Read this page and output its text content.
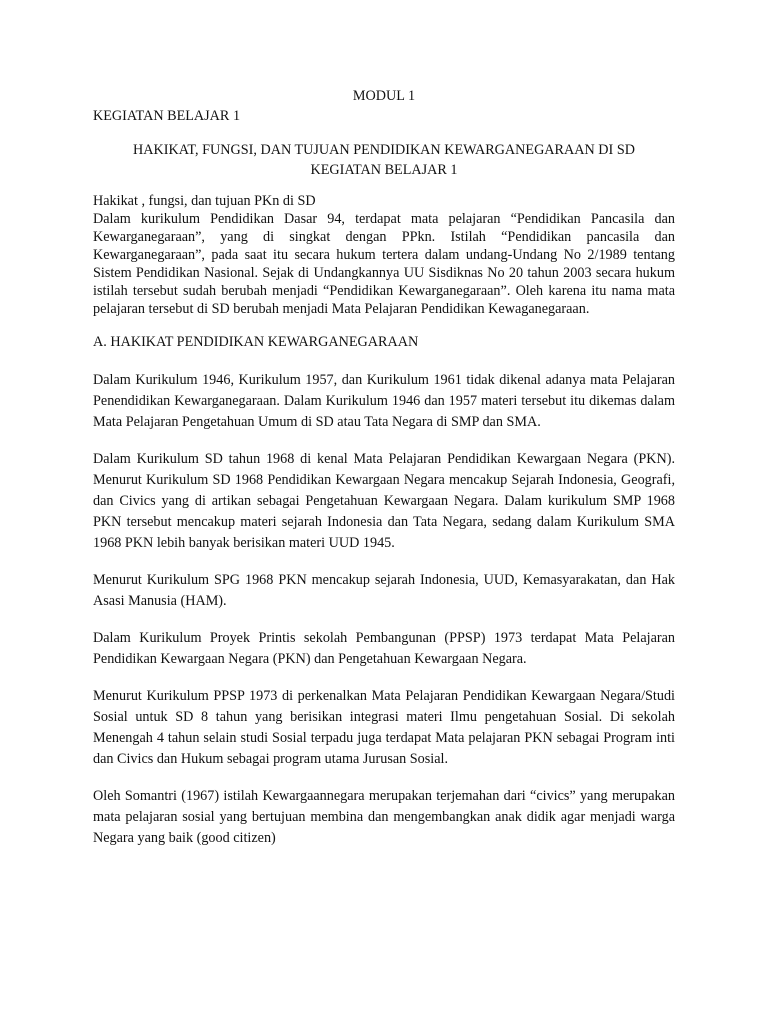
MODUL 1
KEGIATAN BELAJAR 1
HAKIKAT, FUNGSI, DAN TUJUAN PENDIDIKAN KEWARGANEGARAAN DI SD
KEGIATAN BELAJAR 1

Hakikat , fungsi, dan tujuan PKn di SD

Dalam kurikulum Pendidikan Dasar 94, terdapat mata pelajaran “Pendidikan Pancasila dan Kewarganegaraan”, yang di singkat dengan PPkn. Istilah “Pendidikan pancasila dan Kewarganegaraan”, pada saat itu secara hukum tertera dalam undang-Undang No 2/1989 tentang Sistem Pendidikan Nasional. Sejak di Undangkannya UU Sisdiknas No 20 tahun 2003 secara hukum istilah tersebut sudah berubah menjadi “Pendidikan Kewarganegaraan”. Oleh karena itu nama mata pelajaran tersebut di SD berubah menjadi Mata Pelajaran Pendidikan Kewaganegaraan.

A. HAKIKAT PENDIDIKAN KEWARGANEGARAAN

Dalam Kurikulum 1946, Kurikulum 1957, dan Kurikulum 1961 tidak dikenal adanya mata Pelajaran Penendidikan Kewarganegaraan. Dalam Kurikulum 1946 dan 1957 materi tersebut itu dikemas dalam Mata Pelajaran Pengetahuan Umum di SD atau Tata Negara di SMP dan SMA.

Dalam Kurikulum SD tahun 1968 di kenal Mata Pelajaran Pendidikan Kewargaan Negara (PKN). Menurut Kurikulum SD 1968 Pendidikan Kewargaan Negara mencakup Sejarah Indonesia, Geografi, dan Civics yang di artikan sebagai Pengetahuan Kewargaan Negara. Dalam kurikulum SMP 1968 PKN tersebut mencakup materi sejarah Indonesia dan Tata Negara, sedang dalam Kurikulum SMA 1968 PKN lebih banyak berisikan materi UUD 1945.

Menurut Kurikulum SPG 1968 PKN mencakup sejarah Indonesia, UUD, Kemasyarakatan, dan Hak Asasi Manusia (HAM).

Dalam Kurikulum Proyek Printis sekolah Pembangunan (PPSP) 1973 terdapat Mata Pelajaran Pendidikan Kewargaan Negara (PKN) dan Pengetahuan Kewargaan Negara.

Menurut Kurikulum PPSP 1973 di perkenalkan Mata Pelajaran Pendidikan Kewargaan Negara/Studi Sosial untuk SD 8 tahun yang berisikan integrasi materi Ilmu pengetahuan Sosial. Di sekolah Menengah 4 tahun selain studi Sosial terpadu juga terdapat Mata pelajaran PKN sebagai Program inti dan Civics dan Hukum sebagai program utama Jurusan Sosial.

Oleh Somantri (1967) istilah Kewargaannegara merupakan terjemahan dari “civics” yang merupakan mata pelajaran sosial yang bertujuan membina dan mengembangkan anak didik agar menjadi warga Negara yang baik (good citizen)
